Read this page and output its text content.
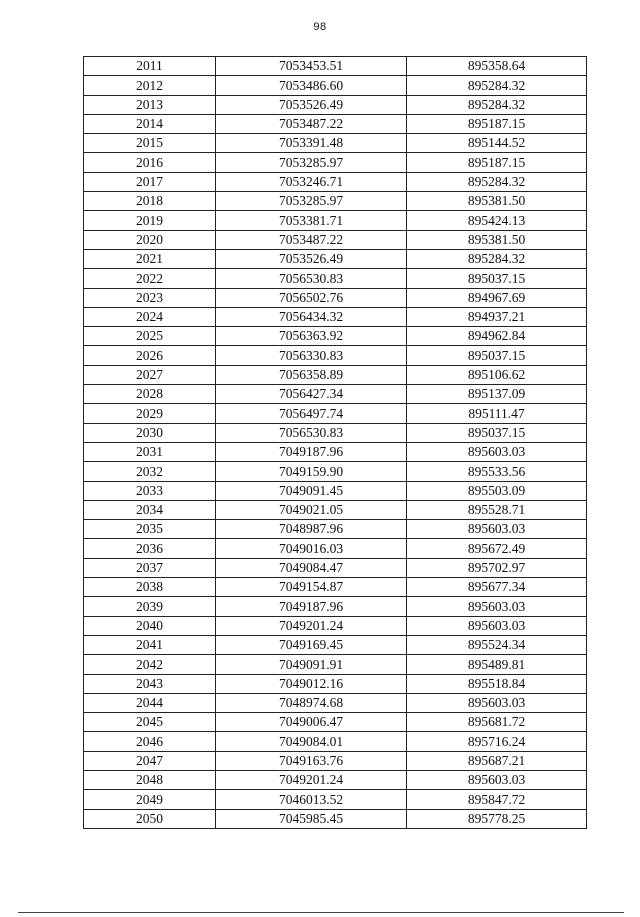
98
2011	7053453.51	895358.64
2012	7053486.60	895284.32
2013	7053526.49	895284.32
2014	7053487.22	895187.15
2015	7053391.48	895144.52
2016	7053285.97	895187.15
2017	7053246.71	895284.32
2018	7053285.97	895381.50
2019	7053381.71	895424.13
2020	7053487.22	895381.50
2021	7053526.49	895284.32
2022	7056530.83	895037.15
2023	7056502.76	894967.69
2024	7056434.32	894937.21
2025	7056363.92	894962.84
2026	7056330.83	895037.15
2027	7056358.89	895106.62
2028	7056427.34	895137.09
2029	7056497.74	895111.47
2030	7056530.83	895037.15
2031	7049187.96	895603.03
2032	7049159.90	895533.56
2033	7049091.45	895503.09
2034	7049021.05	895528.71
2035	7048987.96	895603.03
2036	7049016.03	895672.49
2037	7049084.47	895702.97
2038	7049154.87	895677.34
2039	7049187.96	895603.03
2040	7049201.24	895603.03
2041	7049169.45	895524.34
2042	7049091.91	895489.81
2043	7049012.16	895518.84
2044	7048974.68	895603.03
2045	7049006.47	895681.72
2046	7049084.01	895716.24
2047	7049163.76	895687.21
2048	7049201.24	895603.03
2049	7046013.52	895847.72
2050	7045985.45	895778.25
